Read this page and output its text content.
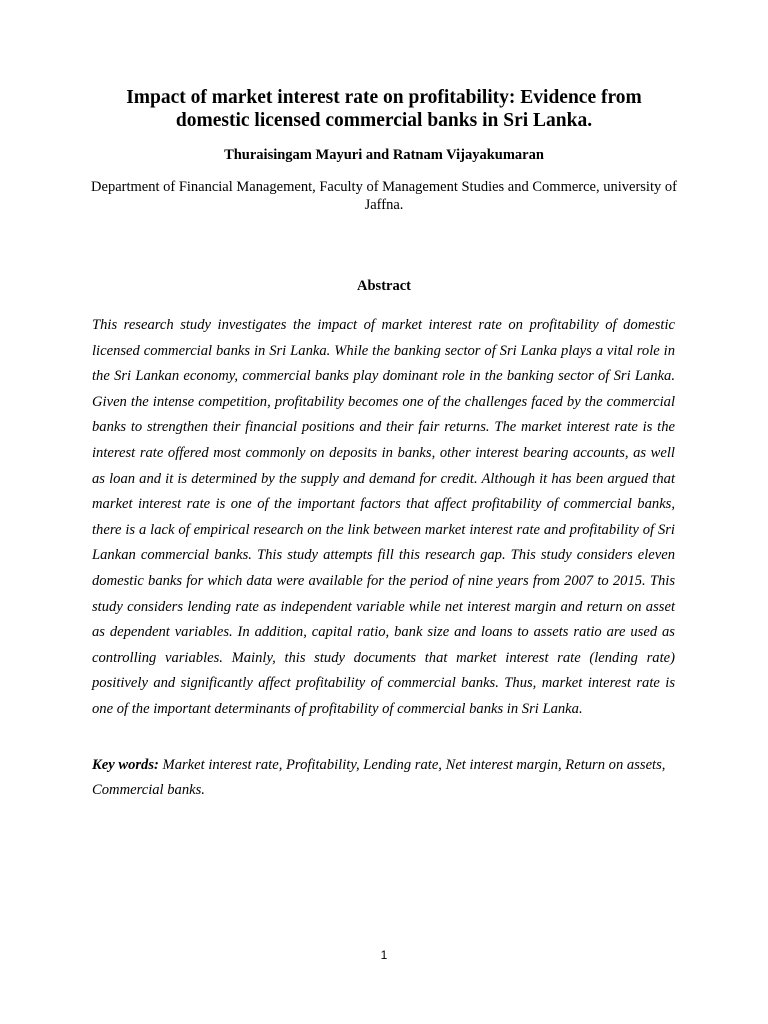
Impact of market interest rate on profitability: Evidence from domestic licensed commercial banks in Sri Lanka.
Thuraisingam Mayuri and Ratnam Vijayakumaran
Department of Financial Management, Faculty of Management Studies and Commerce, university of Jaffna.
Abstract
This research study investigates the impact of market interest rate on profitability of domestic licensed commercial banks in Sri Lanka. While the banking sector of Sri Lanka plays a vital role in the Sri Lankan economy, commercial banks play dominant role in the banking sector of Sri Lanka. Given the intense competition, profitability becomes one of the challenges faced by the commercial banks to strengthen their financial positions and their fair returns. The market interest rate is the interest rate offered most commonly on deposits in banks, other interest bearing accounts, as well as loan and it is determined by the supply and demand for credit. Although it has been argued that market interest rate is one of the important factors that affect profitability of commercial banks, there is a lack of empirical research on the link between market interest rate and profitability of Sri Lankan commercial banks. This study attempts fill this research gap. This study considers eleven domestic banks for which data were available for the period of nine years from 2007 to 2015. This study considers lending rate as independent variable while net interest margin and return on asset as dependent variables. In addition, capital ratio, bank size and loans to assets ratio are used as controlling variables. Mainly, this study documents that market interest rate (lending rate) positively and significantly affect profitability of commercial banks. Thus, market interest rate is one of the important determinants of profitability of commercial banks in Sri Lanka.
Key words: Market interest rate, Profitability, Lending rate, Net interest margin, Return on assets, Commercial banks.
1
